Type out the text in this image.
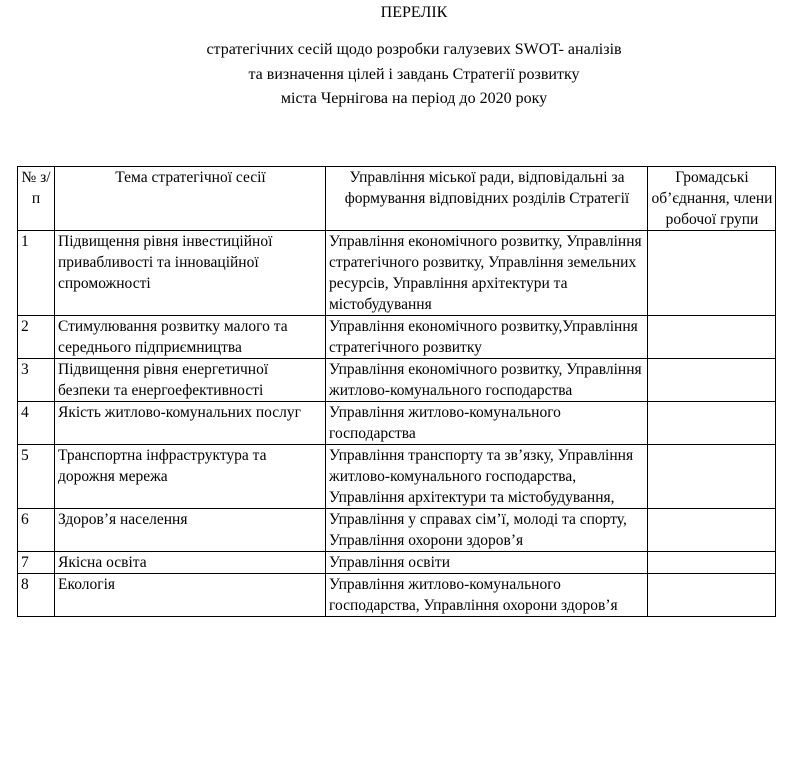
ПЕРЕЛІК
стратегічних сесій щодо розробки галузевих SWOT- аналізів
та визначення цілей і завдань Стратегії розвитку
міста Чернігова на період до 2020 року
№ з/п	Тема стратегічної сесії	Управління міської ради, відповідальні за формування відповідних розділів Стратегії	Громадські об’єднання, члени робочої групи
1	Підвищення рівня інвестиційної привабливості та інноваційної спроможності	Управління економічного розвитку, Управління стратегічного розвитку, Управління земельних ресурсів, Управління архітектури та містобудування	
2	Стимулювання розвитку малого та середнього підприємництва	Управління економічного розвитку,Управління стратегічного розвитку	
3	Підвищення рівня енергетичної безпеки та енергоефективності	Управління економічного розвитку, Управління житлово-комунального господарства	
4	Якість житлово-комунальних послуг	Управління житлово-комунального господарства	
5	Транспортна інфраструктура та дорожня мережа	Управління транспорту та зв’язку, Управління житлово-комунального господарства, Управління архітектури та містобудування,	
6	Здоров’я населення	Управління у справах сім’ї, молоді та спорту, Управління охорони здоров’я	
7	Якісна освіта	Управління освіти	
8	Екологія	Управління житлово-комунального господарства, Управління охорони здоров’я	
